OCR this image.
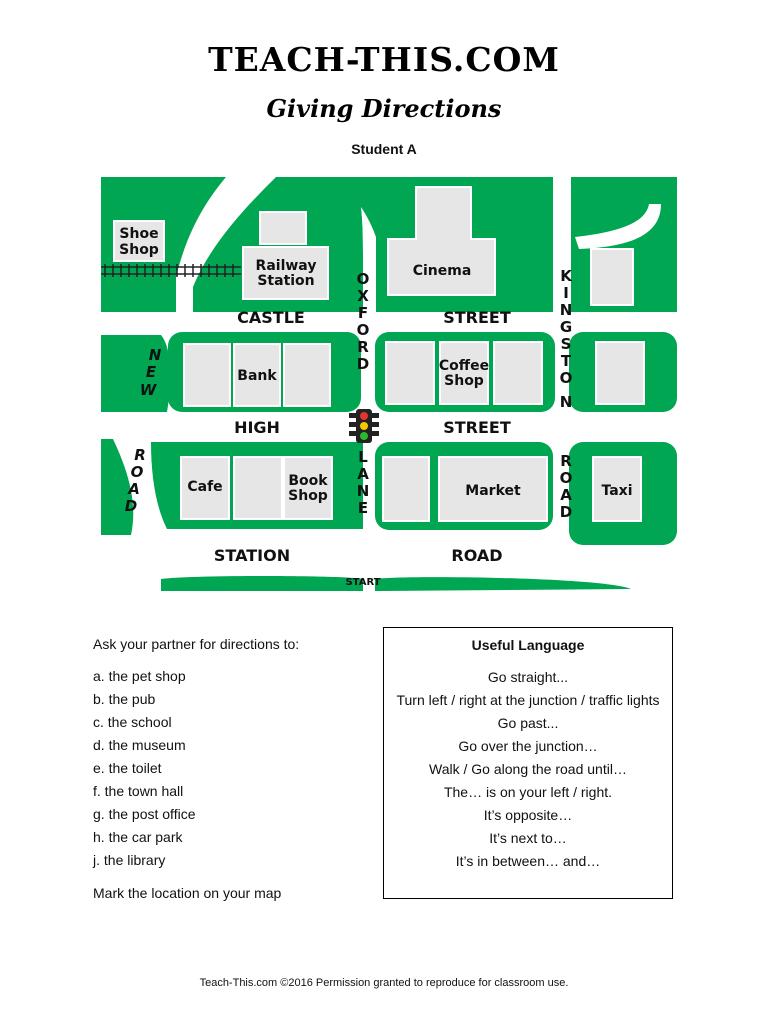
TEACH-THIS.COM
Giving Directions
Student A
Shoe
Shop
Railway
Station
Cinema
Bank
Coffee
Shop
Cafe	Book
Shop	Market	Taxi
CASTLE	STREET
HIGH	STREET
STATION	ROAD
O
X
F
O
R
D
L
A
N
E
K
I
N
G
S
T
O
N
R
O
A
D
N
E
W
R
O
A
D
START
Ask your partner for directions to:
a. the pet shop
b. the pub
c. the school
d. the museum
e. the toilet
f. the town hall
g. the post office
h. the car park
j. the library
Mark the location on your map
Useful Language
Go straight...
Turn left / right at the junction / traffic lights
Go past...
Go over the junction…
Walk / Go along the road until…
The… is on your left / right.
It’s opposite…
It’s next to…
It’s in between… and…
Teach-This.com ©2016 Permission granted to reproduce for classroom use.
